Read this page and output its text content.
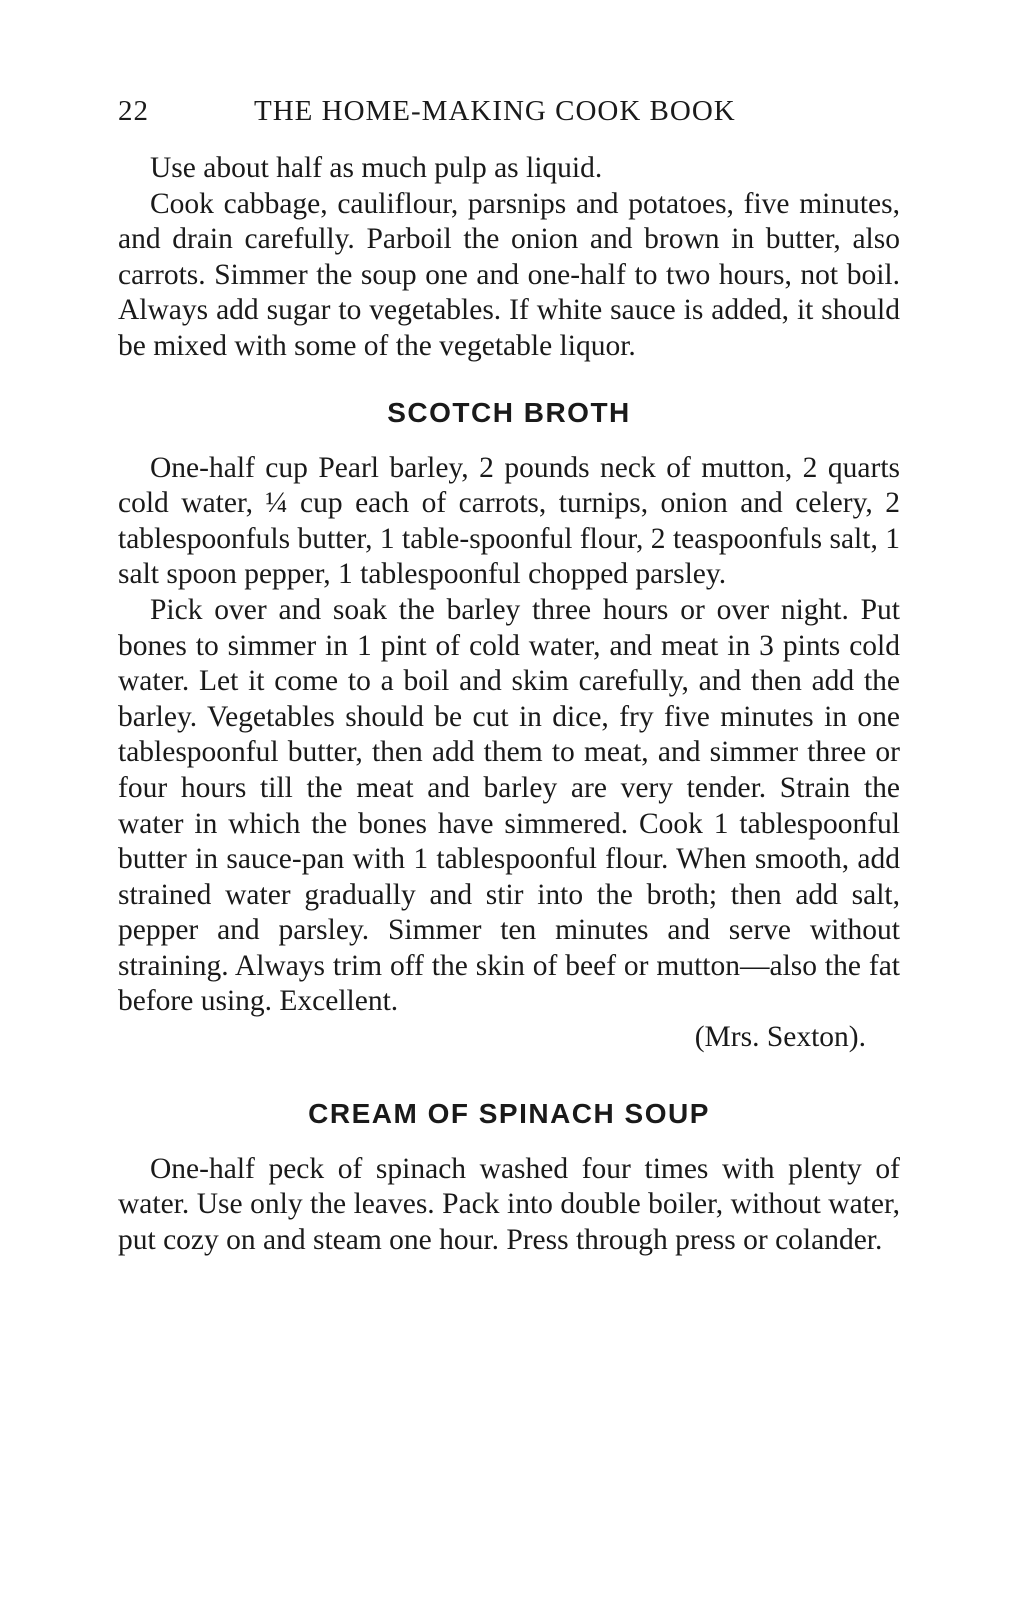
22	THE HOME-MAKING COOK BOOK

Use about half as much pulp as liquid.

Cook cabbage, cauliflour, parsnips and potatoes, five minutes, and drain carefully. Parboil the onion and brown in butter, also carrots. Simmer the soup one and one-half to two hours, not boil. Always add sugar to vegetables. If white sauce is added, it should be mixed with some of the vegetable liquor.

SCOTCH BROTH

One-half cup Pearl barley, 2 pounds neck of mutton, 2 quarts cold water, ¼ cup each of carrots, turnips, onion and celery, 2 tablespoonfuls butter, 1 table-spoonful flour, 2 teaspoonfuls salt, 1 salt spoon pepper, 1 tablespoonful chopped parsley.

Pick over and soak the barley three hours or over night. Put bones to simmer in 1 pint of cold water, and meat in 3 pints cold water. Let it come to a boil and skim carefully, and then add the barley. Vegetables should be cut in dice, fry five minutes in one tablespoonful butter, then add them to meat, and simmer three or four hours till the meat and barley are very tender. Strain the water in which the bones have simmered. Cook 1 tablespoonful butter in sauce-pan with 1 tablespoonful flour. When smooth, add strained water gradually and stir into the broth; then add salt, pepper and parsley. Simmer ten minutes and serve without straining. Always trim off the skin of beef or mutton—also the fat before using. Excellent.

(Mrs. Sexton).

CREAM OF SPINACH SOUP

One-half peck of spinach washed four times with plenty of water. Use only the leaves. Pack into double boiler, without water, put cozy on and steam one hour. Press through press or colander.
